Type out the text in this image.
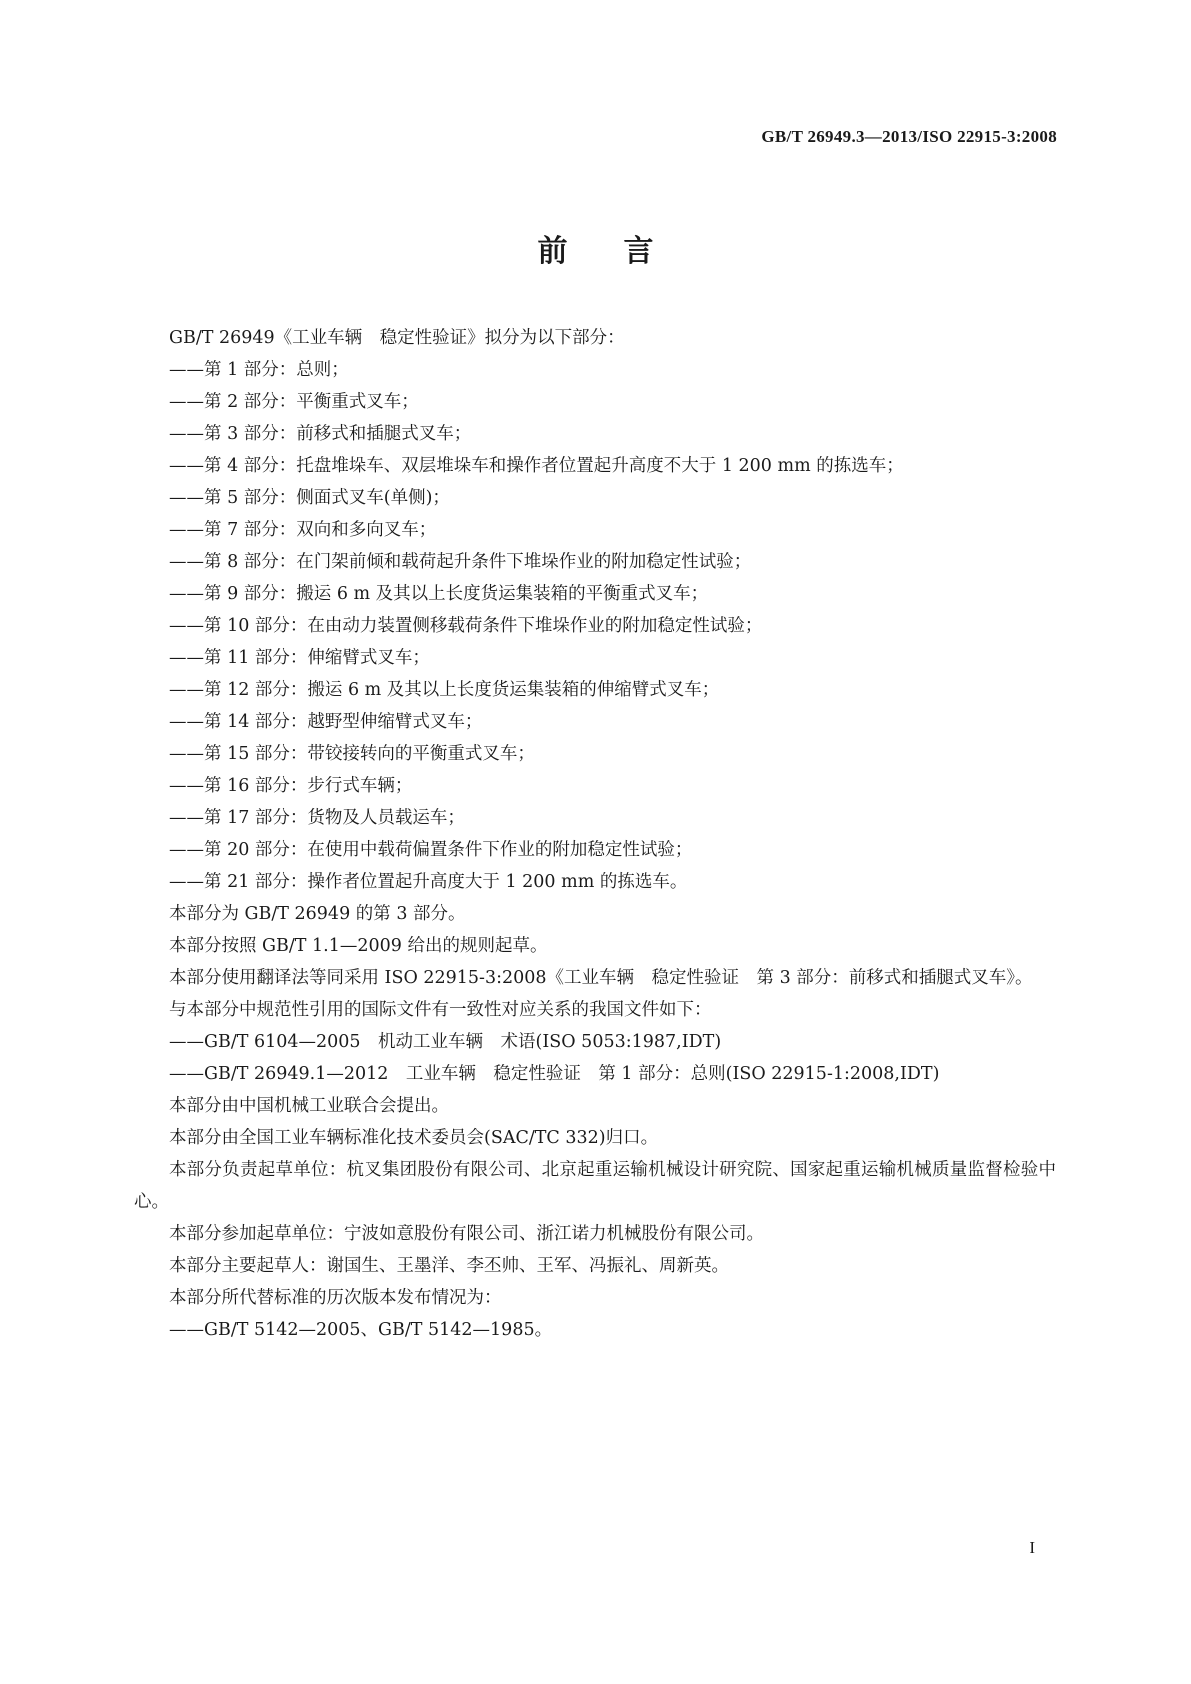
GB/T 26949.3—2013/ISO 22915-3:2008
前言

GB/T 26949《工业车辆　稳定性验证》拟分为以下部分：

——第 1 部分：总则；

——第 2 部分：平衡重式叉车；

——第 3 部分：前移式和插腿式叉车；

——第 4 部分：托盘堆垛车、双层堆垛车和操作者位置起升高度不大于 1 200 mm 的拣选车；

——第 5 部分：侧面式叉车(单侧)；

——第 7 部分：双向和多向叉车；

——第 8 部分：在门架前倾和载荷起升条件下堆垛作业的附加稳定性试验；

——第 9 部分：搬运 6 m 及其以上长度货运集装箱的平衡重式叉车；

——第 10 部分：在由动力装置侧移载荷条件下堆垛作业的附加稳定性试验；

——第 11 部分：伸缩臂式叉车；

——第 12 部分：搬运 6 m 及其以上长度货运集装箱的伸缩臂式叉车；

——第 14 部分：越野型伸缩臂式叉车；

——第 15 部分：带铰接转向的平衡重式叉车；

——第 16 部分：步行式车辆；

——第 17 部分：货物及人员载运车；

——第 20 部分：在使用中载荷偏置条件下作业的附加稳定性试验；

——第 21 部分：操作者位置起升高度大于 1 200 mm 的拣选车。

本部分为 GB/T 26949 的第 3 部分。

本部分按照 GB/T 1.1—2009 给出的规则起草。

本部分使用翻译法等同采用 ISO 22915-3:2008《工业车辆　稳定性验证　第 3 部分：前移式和插腿式叉车》。

与本部分中规范性引用的国际文件有一致性对应关系的我国文件如下：

——GB/T 6104—2005　机动工业车辆　术语(ISO 5053:1987,IDT)

——GB/T 26949.1—2012　工业车辆　稳定性验证　第 1 部分：总则(ISO 22915-1:2008,IDT)

本部分由中国机械工业联合会提出。

本部分由全国工业车辆标准化技术委员会(SAC/TC 332)归口。

本部分负责起草单位：杭叉集团股份有限公司、北京起重运输机械设计研究院、国家起重运输机械质量监督检验中心。

本部分参加起草单位：宁波如意股份有限公司、浙江诺力机械股份有限公司。

本部分主要起草人：谢国生、王墨洋、李丕帅、王军、冯振礼、周新英。

本部分所代替标准的历次版本发布情况为：

——GB/T 5142—2005、GB/T 5142—1985。

I
